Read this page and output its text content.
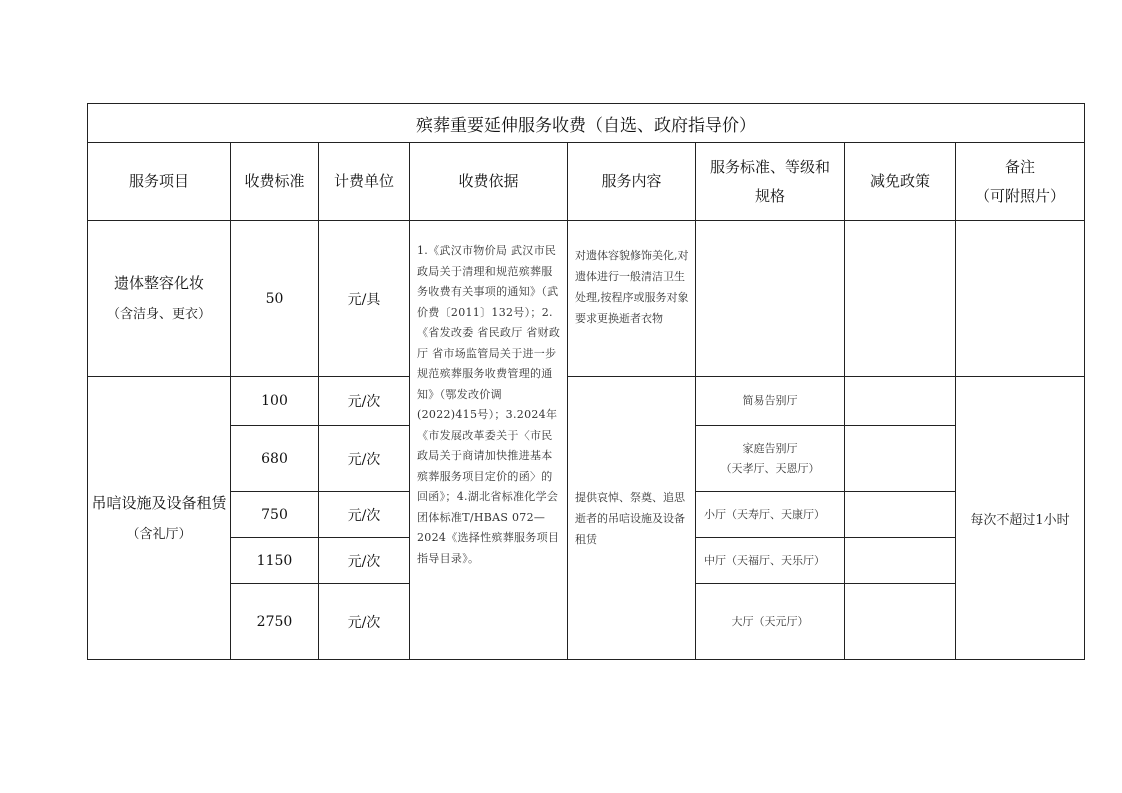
殡葬重要延伸服务收费（自选、政府指导价）							
服务项目	收费标准	计费单位	收费依据	服务内容	服务标准、等级和
规格	减免政策	备注
（可附照片）

遗体整容化妆
（含洁身、更衣）	50	元/具	1.《武汉市物价局 武汉市民政局关于清理和规范殡葬服务收费有关事项的通知》（武价费〔2011〕132号）；2.《省发改委 省民政厅 省财政厅 省市场监管局关于进一步规范殡葬服务收费管理的通知》（鄂发改价调(2022)415号）；3.2024年《市发展改革委关于〈市民政局关于商请加快推进基本殡葬服务项目定价的函〉的回函》；4.湖北省标准化学会团体标准T/HBAS 072—2024《选择性殡葬服务项目指导目录》。	对遗体容貌修饰美化,对遗体进行一般清洁卫生处理,按程序或服务对象要求更换逝者衣物			

吊唁设施及设备租赁
（含礼厅）	100	元/次		提供哀悼、祭奠、追思逝者的吊唁设施及设备租赁	简易告别厅		每次不超过1小时
	680	元/次			家庭告别厅
（天孝厅、天恩厅）		

	750	元/次			小厅（天寿厅、天康厅）		
	1150	元/次			中厅（天福厅、天乐厅）		
	2750	元/次			大厅（天元厅）		
